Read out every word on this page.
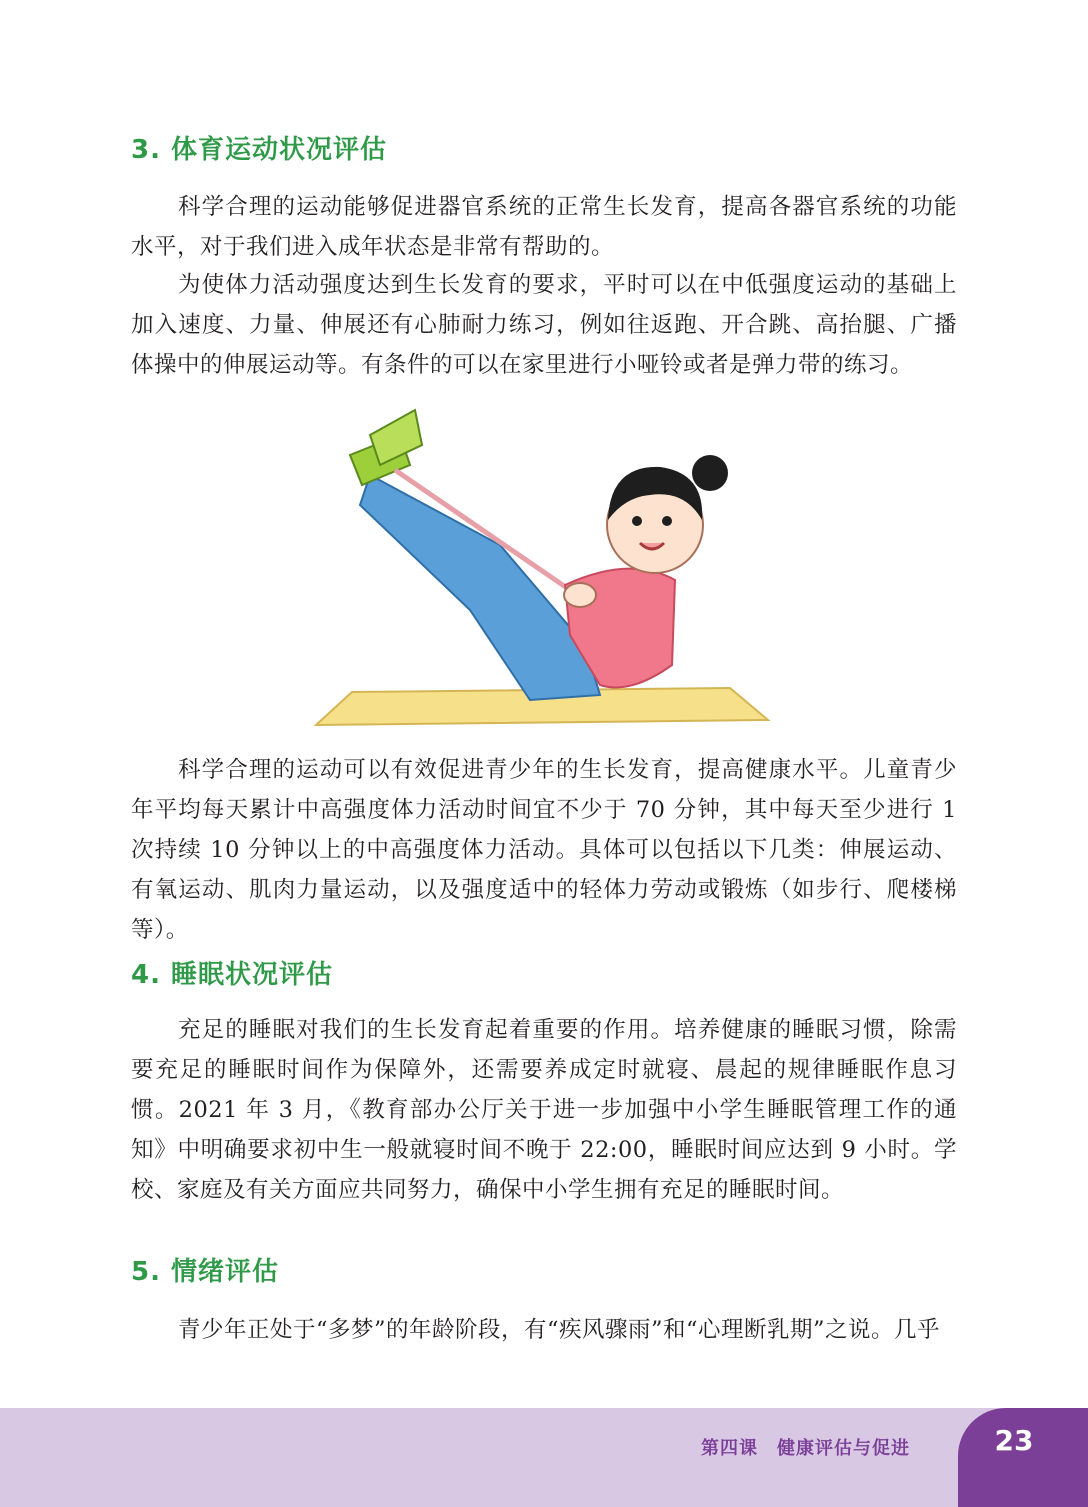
3. 体育运动状况评估

科学合理的运动能够促进器官系统的正常生长发育，提高各器官系统的功能水平，对于我们进入成年状态是非常有帮助的。

为使体力活动强度达到生长发育的要求，平时可以在中低强度运动的基础上加入速度、力量、伸展还有心肺耐力练习，例如往返跑、开合跳、高抬腿、广播体操中的伸展运动等。有条件的可以在家里进行小哑铃或者是弹力带的练习。

科学合理的运动可以有效促进青少年的生长发育，提高健康水平。儿童青少年平均每天累计中高强度体力活动时间宜不少于 70 分钟，其中每天至少进行 1 次持续 10 分钟以上的中高强度体力活动。具体可以包括以下几类：伸展运动、有氧运动、肌肉力量运动，以及强度适中的轻体力劳动或锻炼（如步行、爬楼梯等）。

4. 睡眠状况评估

充足的睡眠对我们的生长发育起着重要的作用。培养健康的睡眠习惯，除需要充足的睡眠时间作为保障外，还需要养成定时就寝、晨起的规律睡眠作息习惯。2021 年 3 月，《教育部办公厅关于进一步加强中小学生睡眠管理工作的通知》中明确要求初中生一般就寝时间不晚于 22:00，睡眠时间应达到 9 小时。学校、家庭及有关方面应共同努力，确保中小学生拥有充足的睡眠时间。

5. 情绪评估

青少年正处于“多梦”的年龄阶段，有“疾风骤雨”和“心理断乳期”之说。几乎

第四课　健康评估与促进	23
